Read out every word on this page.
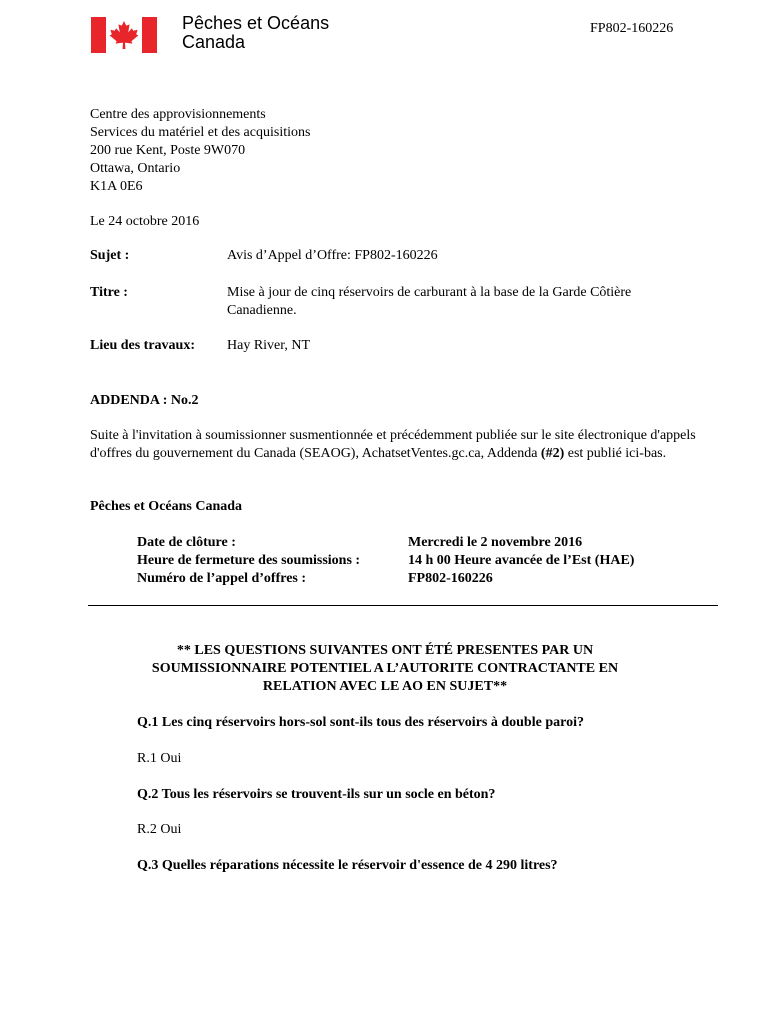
Pêches et Océans
Canada
FP802-160226
Centre des approvisionnements
Services du matériel et des acquisitions
200 rue Kent, Poste 9W070
Ottawa, Ontario
K1A 0E6
Le 24 octobre 2016
Sujet :	Avis d’Appel d’Offre: FP802-160226
Titre :	Mise à jour de cinq réservoirs de carburant à la base de la Garde Côtière Canadienne.
Lieu des travaux: Hay River, NT
ADDENDA : No.2
Suite à l'invitation à soumissionner susmentionnée et précédemment publiée sur le site électronique d'appels d'offres du gouvernement du Canada (SEAOG), AchatsetVentes.gc.ca, Addenda (#2) est publié ici-bas.
Pêches et Océans Canada
Date de clôture :
Heure de fermeture des soumissions :
Numéro de l’appel d’offres :
Mercredi le 2 novembre 2016
14 h 00 Heure avancée de l’Est (HAE)
FP802-160226
** LES QUESTIONS SUIVANTES ONT ÉTÉ PRESENTES PAR UN
SOUMISSIONNAIRE POTENTIEL A L’AUTORITE CONTRACTANTE EN
RELATION AVEC LE AO EN SUJET**
Q.1 Les cinq réservoirs hors-sol sont-ils tous des réservoirs à double paroi?
R.1 Oui
Q.2 Tous les réservoirs se trouvent-ils sur un socle en béton?
R.2 Oui
Q.3 Quelles réparations nécessite le réservoir d'essence de 4 290 litres?
